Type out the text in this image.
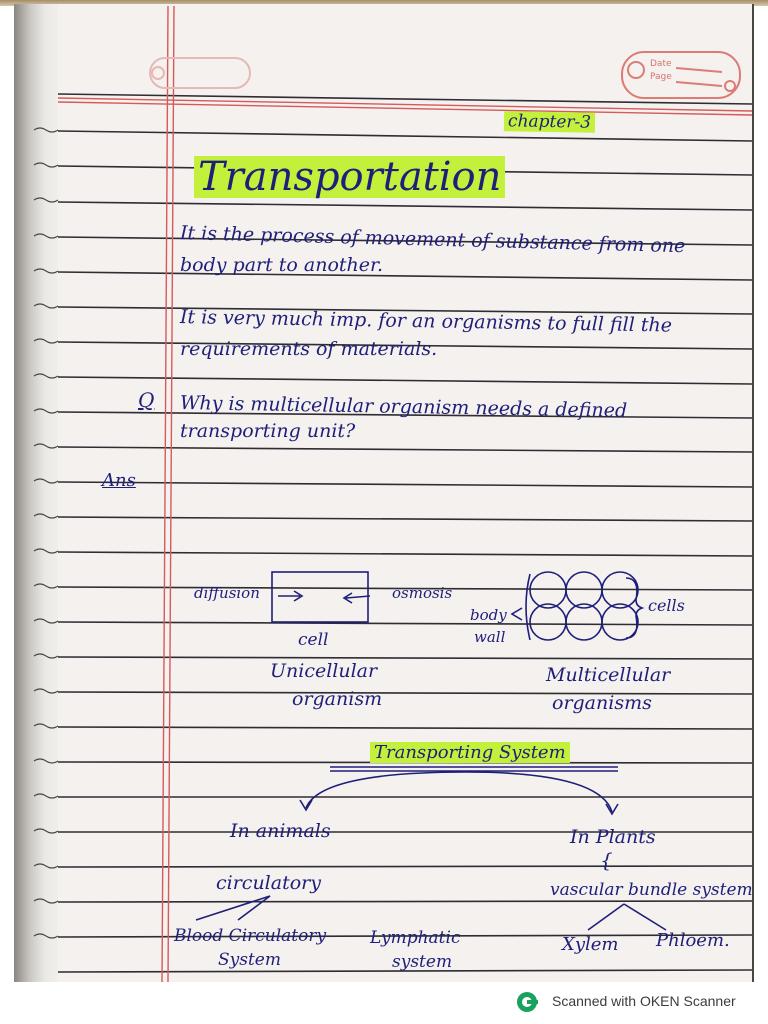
Date
Page
chapter-3
Transportation
It is the process of movement of substance from one
body part to another.
It is very much imp. for an organisms to full fill the
requirements of materials.
Q Why is multicellular organism needs a defined
transporting unit?
Ans
diffusion	osmosis
cell
Unicellular
organism
body
wall
cells
Multicellular
organisms
Transporting System
In animals	In Plants
{
circulatory	vascular bundle system
Blood Circulatory
System
Lymphatic
system
Xylem Phloem.
Scanned with OKEN Scanner
